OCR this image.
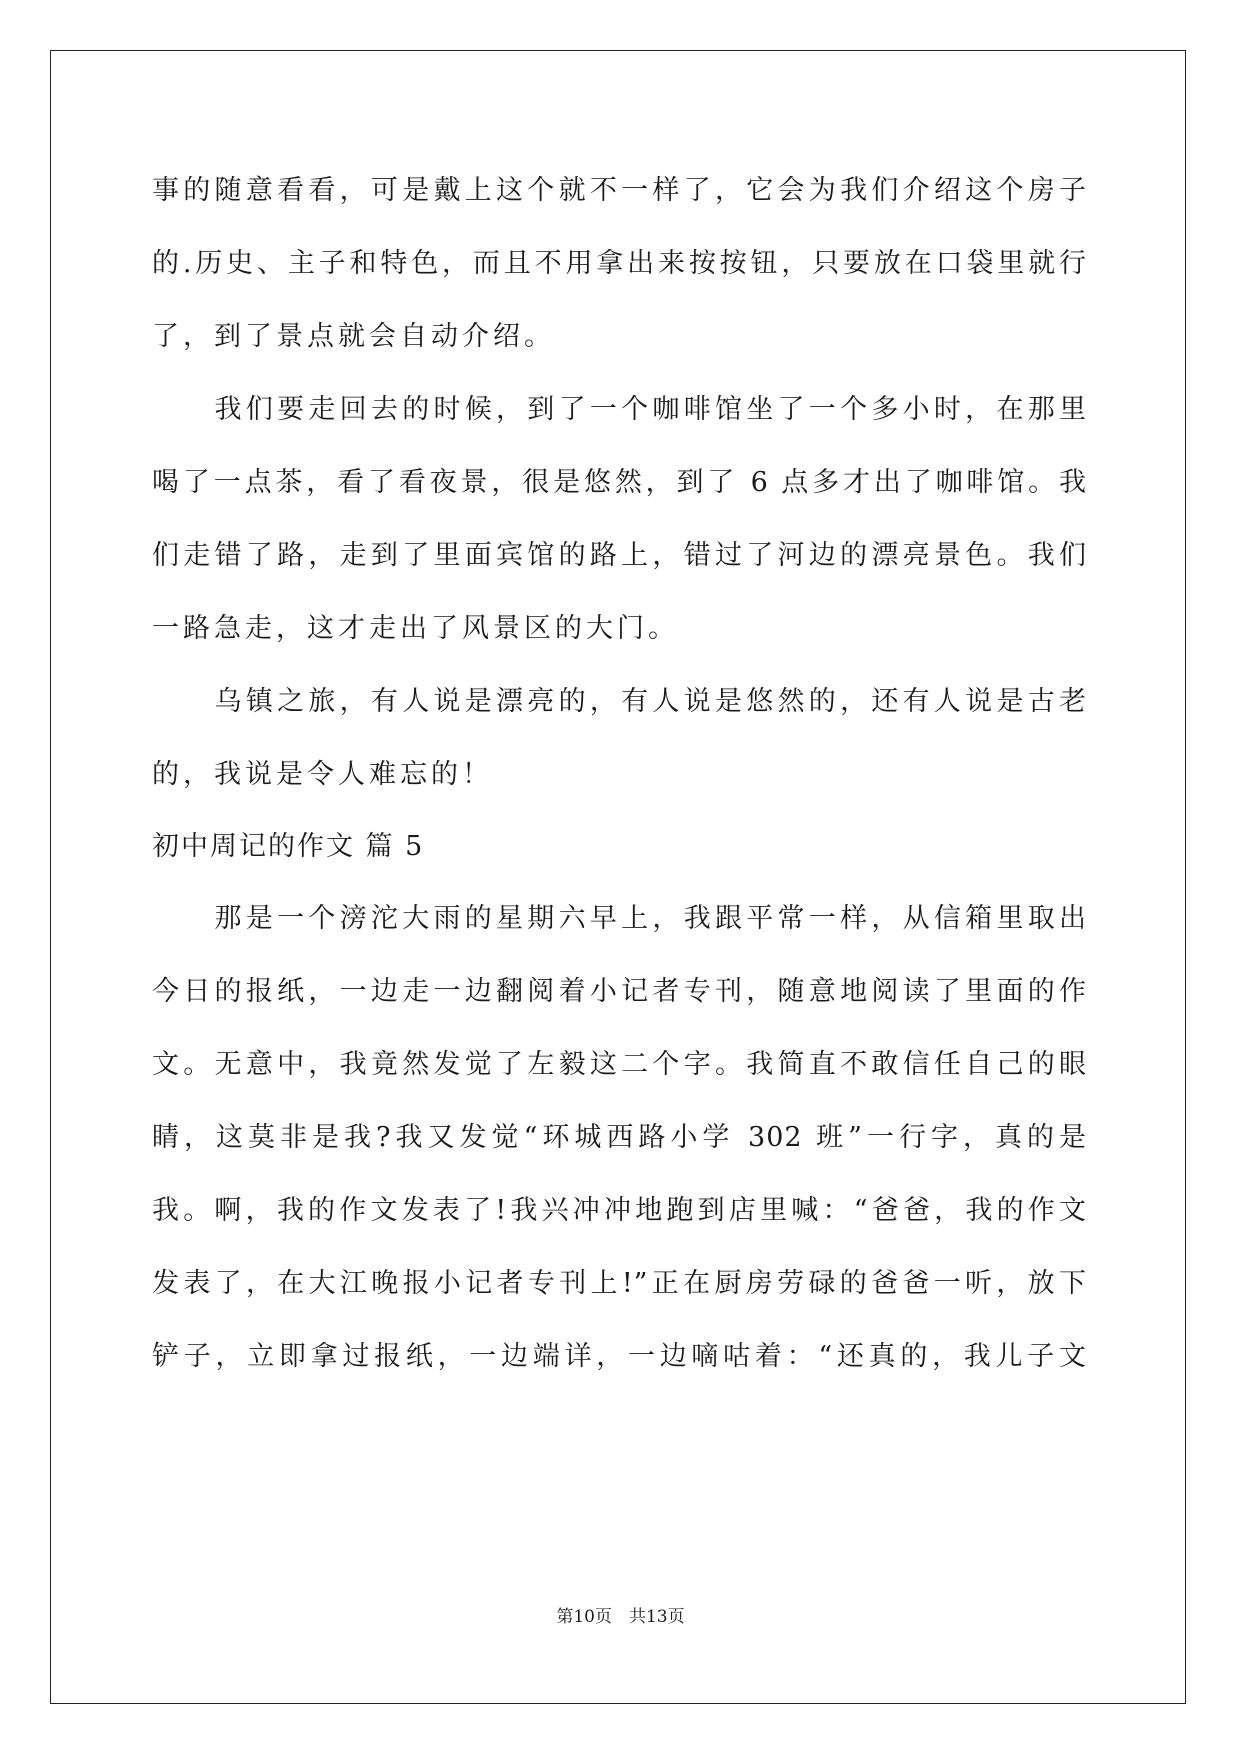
事的随意看看，可是戴上这个就不一样了，它会为我们介绍这个房子
的.历史、主子和特色，而且不用拿出来按按钮，只要放在口袋里就行
了，到了景点就会自动介绍。
　　我们要走回去的时候，到了一个咖啡馆坐了一个多小时，在那里
喝了一点茶，看了看夜景，很是悠然，到了 6 点多才出了咖啡馆。我
们走错了路，走到了里面宾馆的路上，错过了河边的漂亮景色。我们
一路急走，这才走出了风景区的大门。
　　乌镇之旅，有人说是漂亮的，有人说是悠然的，还有人说是古老
的，我说是令人难忘的！
初中周记的作文 篇 5
　　那是一个滂沱大雨的星期六早上，我跟平常一样，从信箱里取出
今日的报纸，一边走一边翻阅着小记者专刊，随意地阅读了里面的作
文。无意中，我竟然发觉了左毅这二个字。我简直不敢信任自己的眼
睛，这莫非是我?我又发觉“环城西路小学 302 班”一行字，真的是
我。啊，我的作文发表了!我兴冲冲地跑到店里喊：“爸爸，我的作文
发表了，在大江晚报小记者专刊上!”正在厨房劳碌的爸爸一听，放下
铲子，立即拿过报纸，一边端详，一边嘀咕着：“还真的，我儿子文
第10页　共13页
